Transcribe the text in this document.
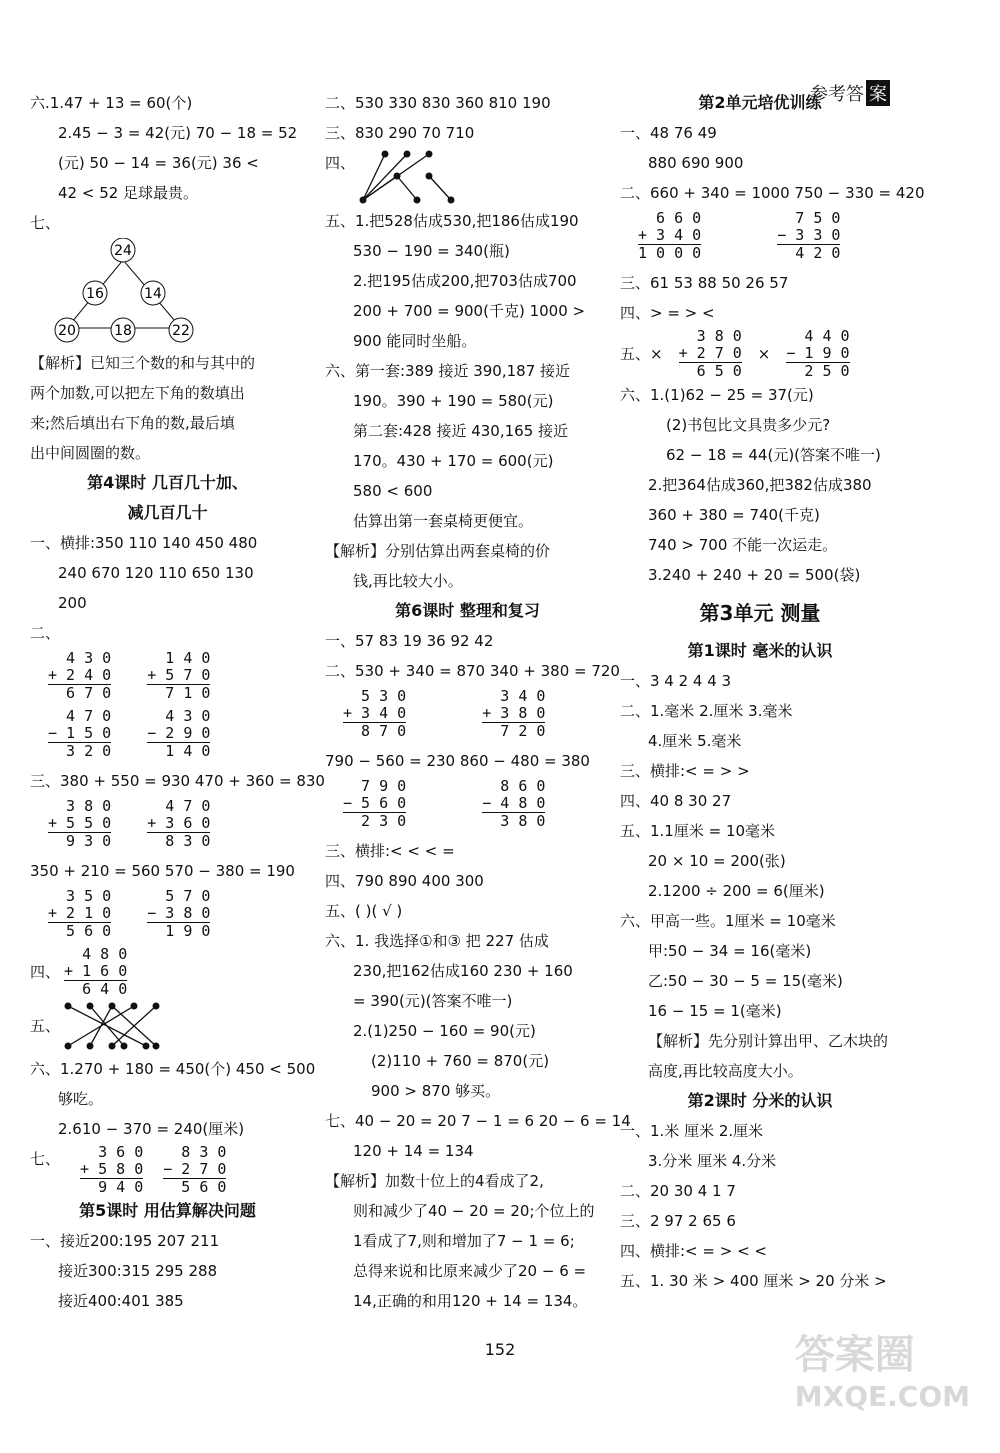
参考答 案
六.1.47 + 13 = 60(个)
2.45 − 3 = 42(元) 70 − 18 = 52
(元) 50 − 14 = 36(元) 36 <
42 < 52 足球最贵。
七、
24
16	14
20	18	22
【解析】已知三个数的和与其中的
两个加数,可以把左下角的数填出
来;然后填出右下角的数,最后填
出中间圆圈的数。
第4课时 几百几十加、
减几百几十
一、横排:350 110 140 450 480
240 670 120 110 650 130
200
二、
4 3 0
+ 2 4 0
6 7 0
1 4 0
+ 5 7 0
7 1 0
4 7 0
− 1 5 0
3 2 0
4 3 0
− 2 9 0
1 4 0
三、380 + 550 = 930 470 + 360 = 830
3 8 0
+ 5 5 0
9 3 0
4 7 0
+ 3 6 0
8 3 0
350 + 210 = 560 570 − 380 = 190
3 5 0
+ 2 1 0
5 6 0
5 7 0
− 3 8 0
1 9 0
四、
4 8 0
+ 1 6 0
6 4 0
五、
六、1.270 + 180 = 450(个) 450 < 500
够吃。
2.610 − 370 = 240(厘米)
七、 3 6 0
+ 5 8 0
9 4 0
8 3 0
− 2 7 0
5 6 0
第5课时 用估算解决问题
一、接近200:195 207 211
接近300:315 295 288
接近400:401 385
二、530 330 830 360 810 190
三、830 290 70 710
四、
五、1.把528估成530,把186估成190
530 − 190 = 340(瓶)
2.把195估成200,把703估成700
200 + 700 = 900(千克) 1000 >
900 能同时坐船。
六、第一套:389 接近 390,187 接近
190。390 + 190 = 580(元)
第二套:428 接近 430,165 接近
170。430 + 170 = 600(元)
580 < 600
估算出第一套桌椅更便宜。
【解析】分别估算出两套桌椅的价
钱,再比较大小。
第6课时 整理和复习
一、57 83 19 36 92 42
二、530 + 340 = 870 340 + 380 = 720
5 3 0
+ 3 4 0
8 7 0
3 4 0
+ 3 8 0
7 2 0
790 − 560 = 230 860 − 480 = 380
7 9 0
− 5 6 0
2 3 0
8 6 0
− 4 8 0
3 8 0
三、横排:< < < =
四、790 890 400 300
五、( )( √ )
六、1. 我选择①和③ 把 227 估成
230,把162估成160 230 + 160
= 390(元)(答案不唯一)
2.(1)250 − 160 = 90(元)
(2)110 + 760 = 870(元)
900 > 870 够买。
七、40 − 20 = 20 7 − 1 = 6 20 − 6 = 14
120 + 14 = 134
【解析】加数十位上的4看成了2,
则和减少了40 − 20 = 20;个位上的
1看成了7,则和增加了7 − 1 = 6;
总得来说和比原来减少了20 − 6 =
14,正确的和用120 + 14 = 134。
第2单元培优训练
一、48 76 49
880 690 900
二、660 + 340 = 1000 750 − 330 = 420
6 6 0
+ 3 4 0
1 0 0 0
7 5 0
− 3 3 0
4 2 0
三、61 53 88 50 26 57
四、> = > <
五、×
3 8 0
+ 2 7 0
6 5 0
×
4 4 0
− 1 9 0
2 5 0
六、1.(1)62 − 25 = 37(元)
(2)书包比文具贵多少元?
62 − 18 = 44(元)(答案不唯一)
2.把364估成360,把382估成380
360 + 380 = 740(千克)
740 > 700 不能一次运走。
3.240 + 240 + 20 = 500(袋)
第3单元 测量
第1课时 毫米的认识
一、3 4 2 4 4 3
二、1.毫米 2.厘米 3.毫米
4.厘米 5.毫米
三、横排:< = > >
四、40 8 30 27
五、1.1厘米 = 10毫米
20 × 10 = 200(张)
2.1200 ÷ 200 = 6(厘米)
六、甲高一些。1厘米 = 10毫米
甲:50 − 34 = 16(毫米)
乙:50 − 30 − 5 = 15(毫米)
16 − 15 = 1(毫米)
【解析】先分别计算出甲、乙木块的
高度,再比较高度大小。
第2课时 分米的认识
一、1.米 厘米 2.厘米
3.分米 厘米 4.分米
二、20 30 4 1 7
三、2 97 2 65 6
四、横排:< = > < <
五、1. 30 米 > 400 厘米 > 20 分米 >
152	答案圈
MXQE.COM
